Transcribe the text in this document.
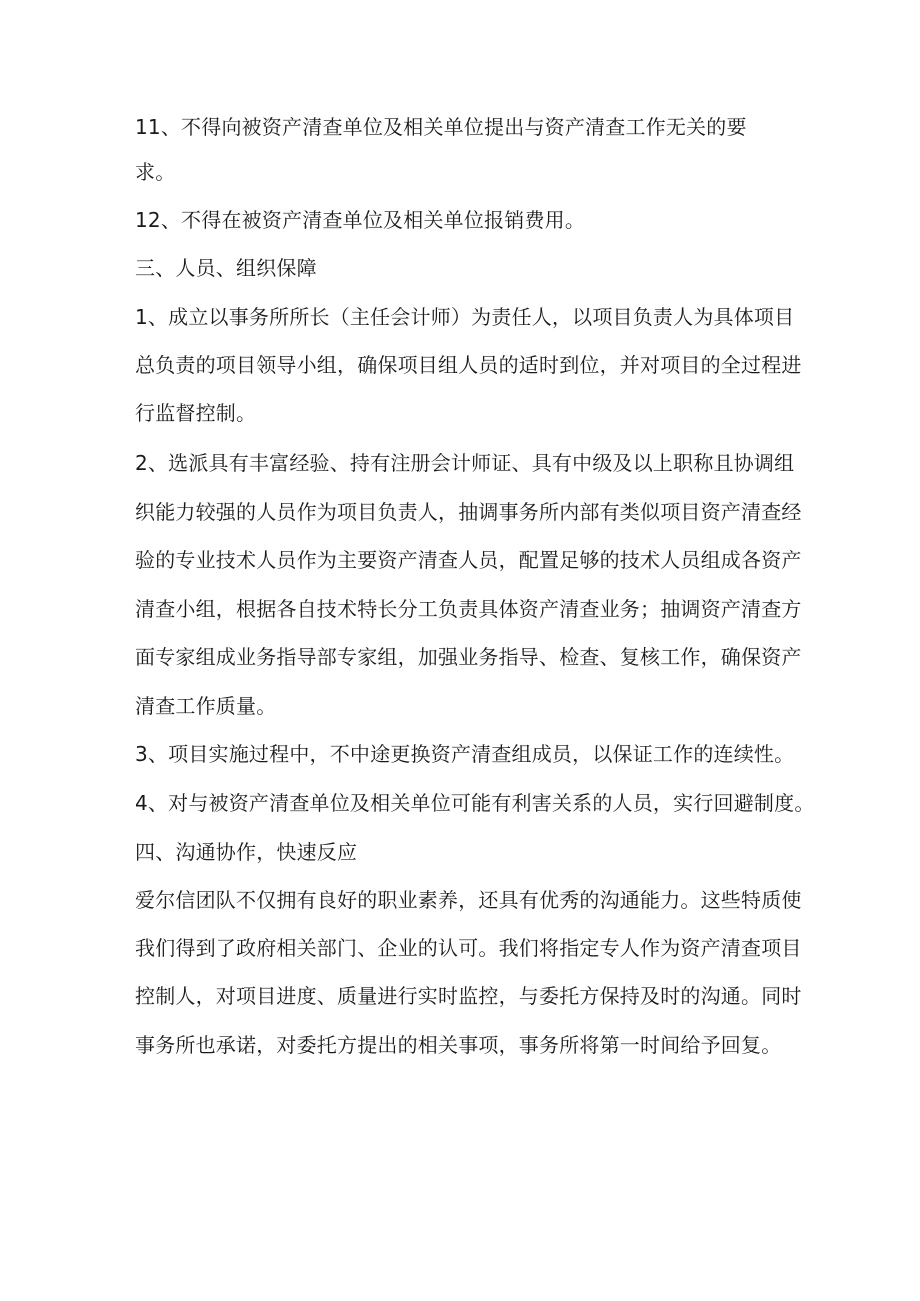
11、不得向被资产清查单位及相关单位提出与资产清查工作无关的要
求。
12、不得在被资产清查单位及相关单位报销费用。
三、人员、组织保障
1、成立以事务所所长（主任会计师）为责任人，以项目负责人为具体项目
总负责的项目领导小组，确保项目组人员的适时到位，并对项目的全过程进
行监督控制。
2、选派具有丰富经验、持有注册会计师证、具有中级及以上职称且协调组
织能力较强的人员作为项目负责人，抽调事务所内部有类似项目资产清查经
验的专业技术人员作为主要资产清查人员，配置足够的技术人员组成各资产
清查小组，根据各自技术特长分工负责具体资产清查业务；抽调资产清查方
面专家组成业务指导部专家组，加强业务指导、检查、复核工作，确保资产
清查工作质量。
3、项目实施过程中，不中途更换资产清查组成员，以保证工作的连续性。
4、对与被资产清查单位及相关单位可能有利害关系的人员，实行回避制度。
四、沟通协作，快速反应
爱尔信团队不仅拥有良好的职业素养，还具有优秀的沟通能力。这些特质使
我们得到了政府相关部门、企业的认可。我们将指定专人作为资产清查项目
控制人，对项目进度、质量进行实时监控，与委托方保持及时的沟通。同时
事务所也承诺，对委托方提出的相关事项，事务所将第一时间给予回复。
